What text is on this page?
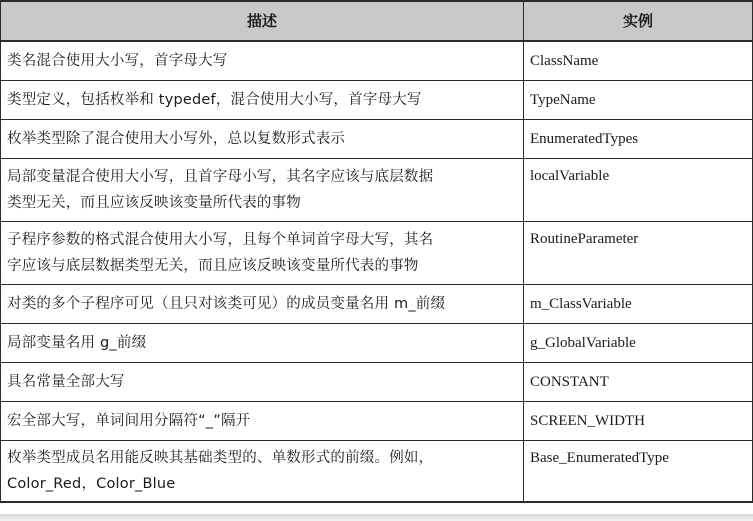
描述	实例
类名混合使用大小写，首字母大写	ClassName
类型定义，包括枚举和 typedef，混合使用大小写，首字母大写	TypeName
枚举类型除了混合使用大小写外，总以复数形式表示	EnumeratedTypes

局部变量混合使用大小写，且首字母小写，其名字应该与底层数据
类型无关，而且应该反映该变量所代表的事物	localVariable

子程序参数的格式混合使用大小写，且每个单词首字母大写，其名
字应该与底层数据类型无关，而且应该反映该变量所代表的事物	RoutineParameter
对类的多个子程序可见（且只对该类可见）的成员变量名用 m_前缀	m_ClassVariable
局部变量名用 g_前缀	g_GlobalVariable
具名常量全部大写	CONSTANT
宏全部大写，单词间用分隔符“_”隔开	SCREEN_WIDTH

枚举类型成员名用能反映其基础类型的、单数形式的前缀。例如，
Color_Red，Color_Blue	Base_EnumeratedType
